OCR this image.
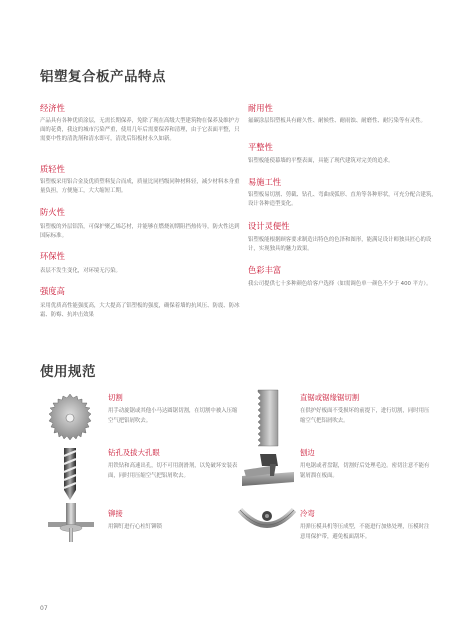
铝塑复合板产品特点
经济性
产品具有各种优质涂层，无需长期保养，免除了现在高级大型建筑物在保养及维护方面的花费，我这的城市污染严重，使用几年后需要保养和清理，由于它表面平整，只需要中性的清洗剂和清水即可，清洗后铝板材永久如新。
质轻性
铝塑板采用铝合金及优质塑料复合而成，质量比同档级同种材料轻，减少材料本身重量负担，方便施工，大大缩短工期。
防火性
铝塑板的外层铝箔，可保护聚乙烯芯材，并能够在燃烧初期阻挡热传导，防火性达到国际标准。
环保性
表层不发生变化，对环境无污染。
强度高
采用优质高性能强度高，大大提高了铝塑板的强度，确保着墙的抗风压、防震、防冰霜、防霉、抗冲击效果
耐用性
氟碳涂层铝塑板具有耐久性、耐候性、耐雨蚀、耐磨性、耐污染等有灵性。
平整性
铝塑板能使幕墙的平整表面，具能了现代建筑对完美的追求。
易施工性
铝塑板易切割、剪截、钻孔、弯曲成弧形、直角等各种形状，可充分配合建筑，设计各种造型变化。
设计灵便性
铝塑板能根据顾客要求制造出特色的色泽和图形，能满足设计师独具匠心的设计，实现独具的魅力效果。
色彩丰富
我公司提供七十多种颜色给客户选择（如需调色单一颜色不少于 400 平方）。
使用规范
切割
用手动旋锯或其他小马达圆锯切割，在切割中被入压缩空气把铝屑吹去。
直锯或锯缘锯切割
在供护好板面不受损坏的前提下，进行切割，同时用压缩空气把铝屑吹去。
钻孔及拔大孔眼
用铁钻和高速出孔，切不可用润滑剂，以免破坏安装表面，同时用压缩空气把铝屑吹去。
刨边
用电锯或者盘锯，切割好后处理毛边。密切注意不能有锯屑溜在板面。
铆接
用铆钉进行心柱钉铆锁
冷弯
用弹压模具机等压成型，不能进行加热处理，压模时注意用保护带，避免板面刮坏。
07
